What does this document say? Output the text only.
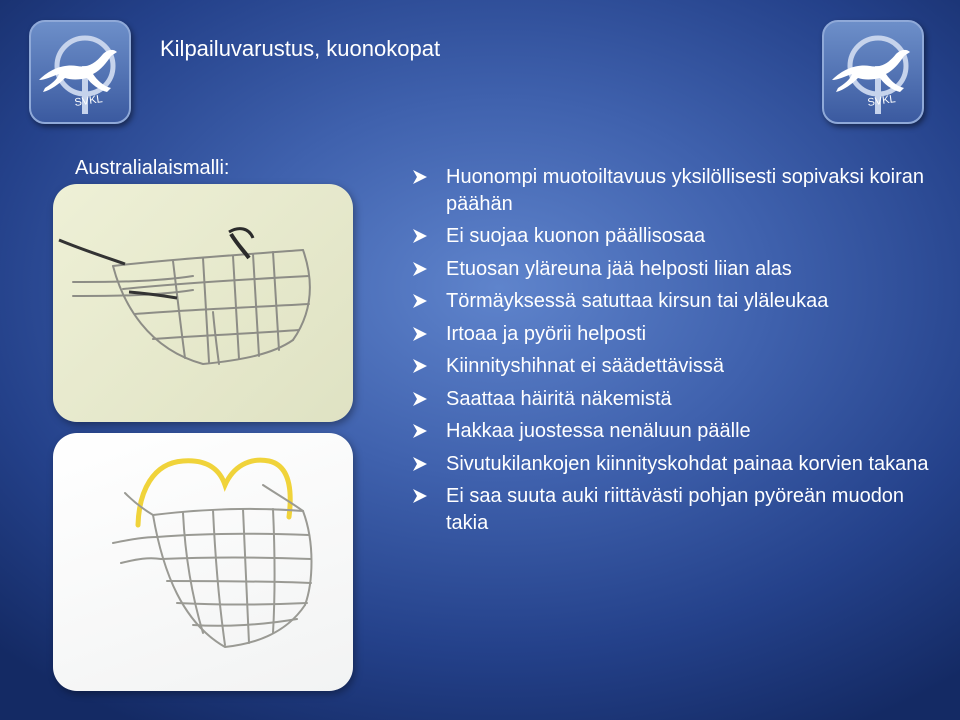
SVKL
Kilpailuvarustus, kuonokopat
SVKL
Australialaismalli:	Huonompi muotoiltavuus yksilöllisesti sopivaksi koiran päähän
Ei suojaa kuonon päällisosaa
Etuosan yläreuna jää helposti liian alas
Törmäyksessä satuttaa kirsun tai yläleukaa
Irtoaa ja pyörii helposti
Kiinnityshihnat ei säädettävissä
Saattaa häiritä näkemistä
Hakkaa juostessa nenäluun päälle
Sivutukilankojen kiinnityskohdat painaa korvien takana
Ei saa suuta auki riittävästi pohjan pyöreän muodon takia
